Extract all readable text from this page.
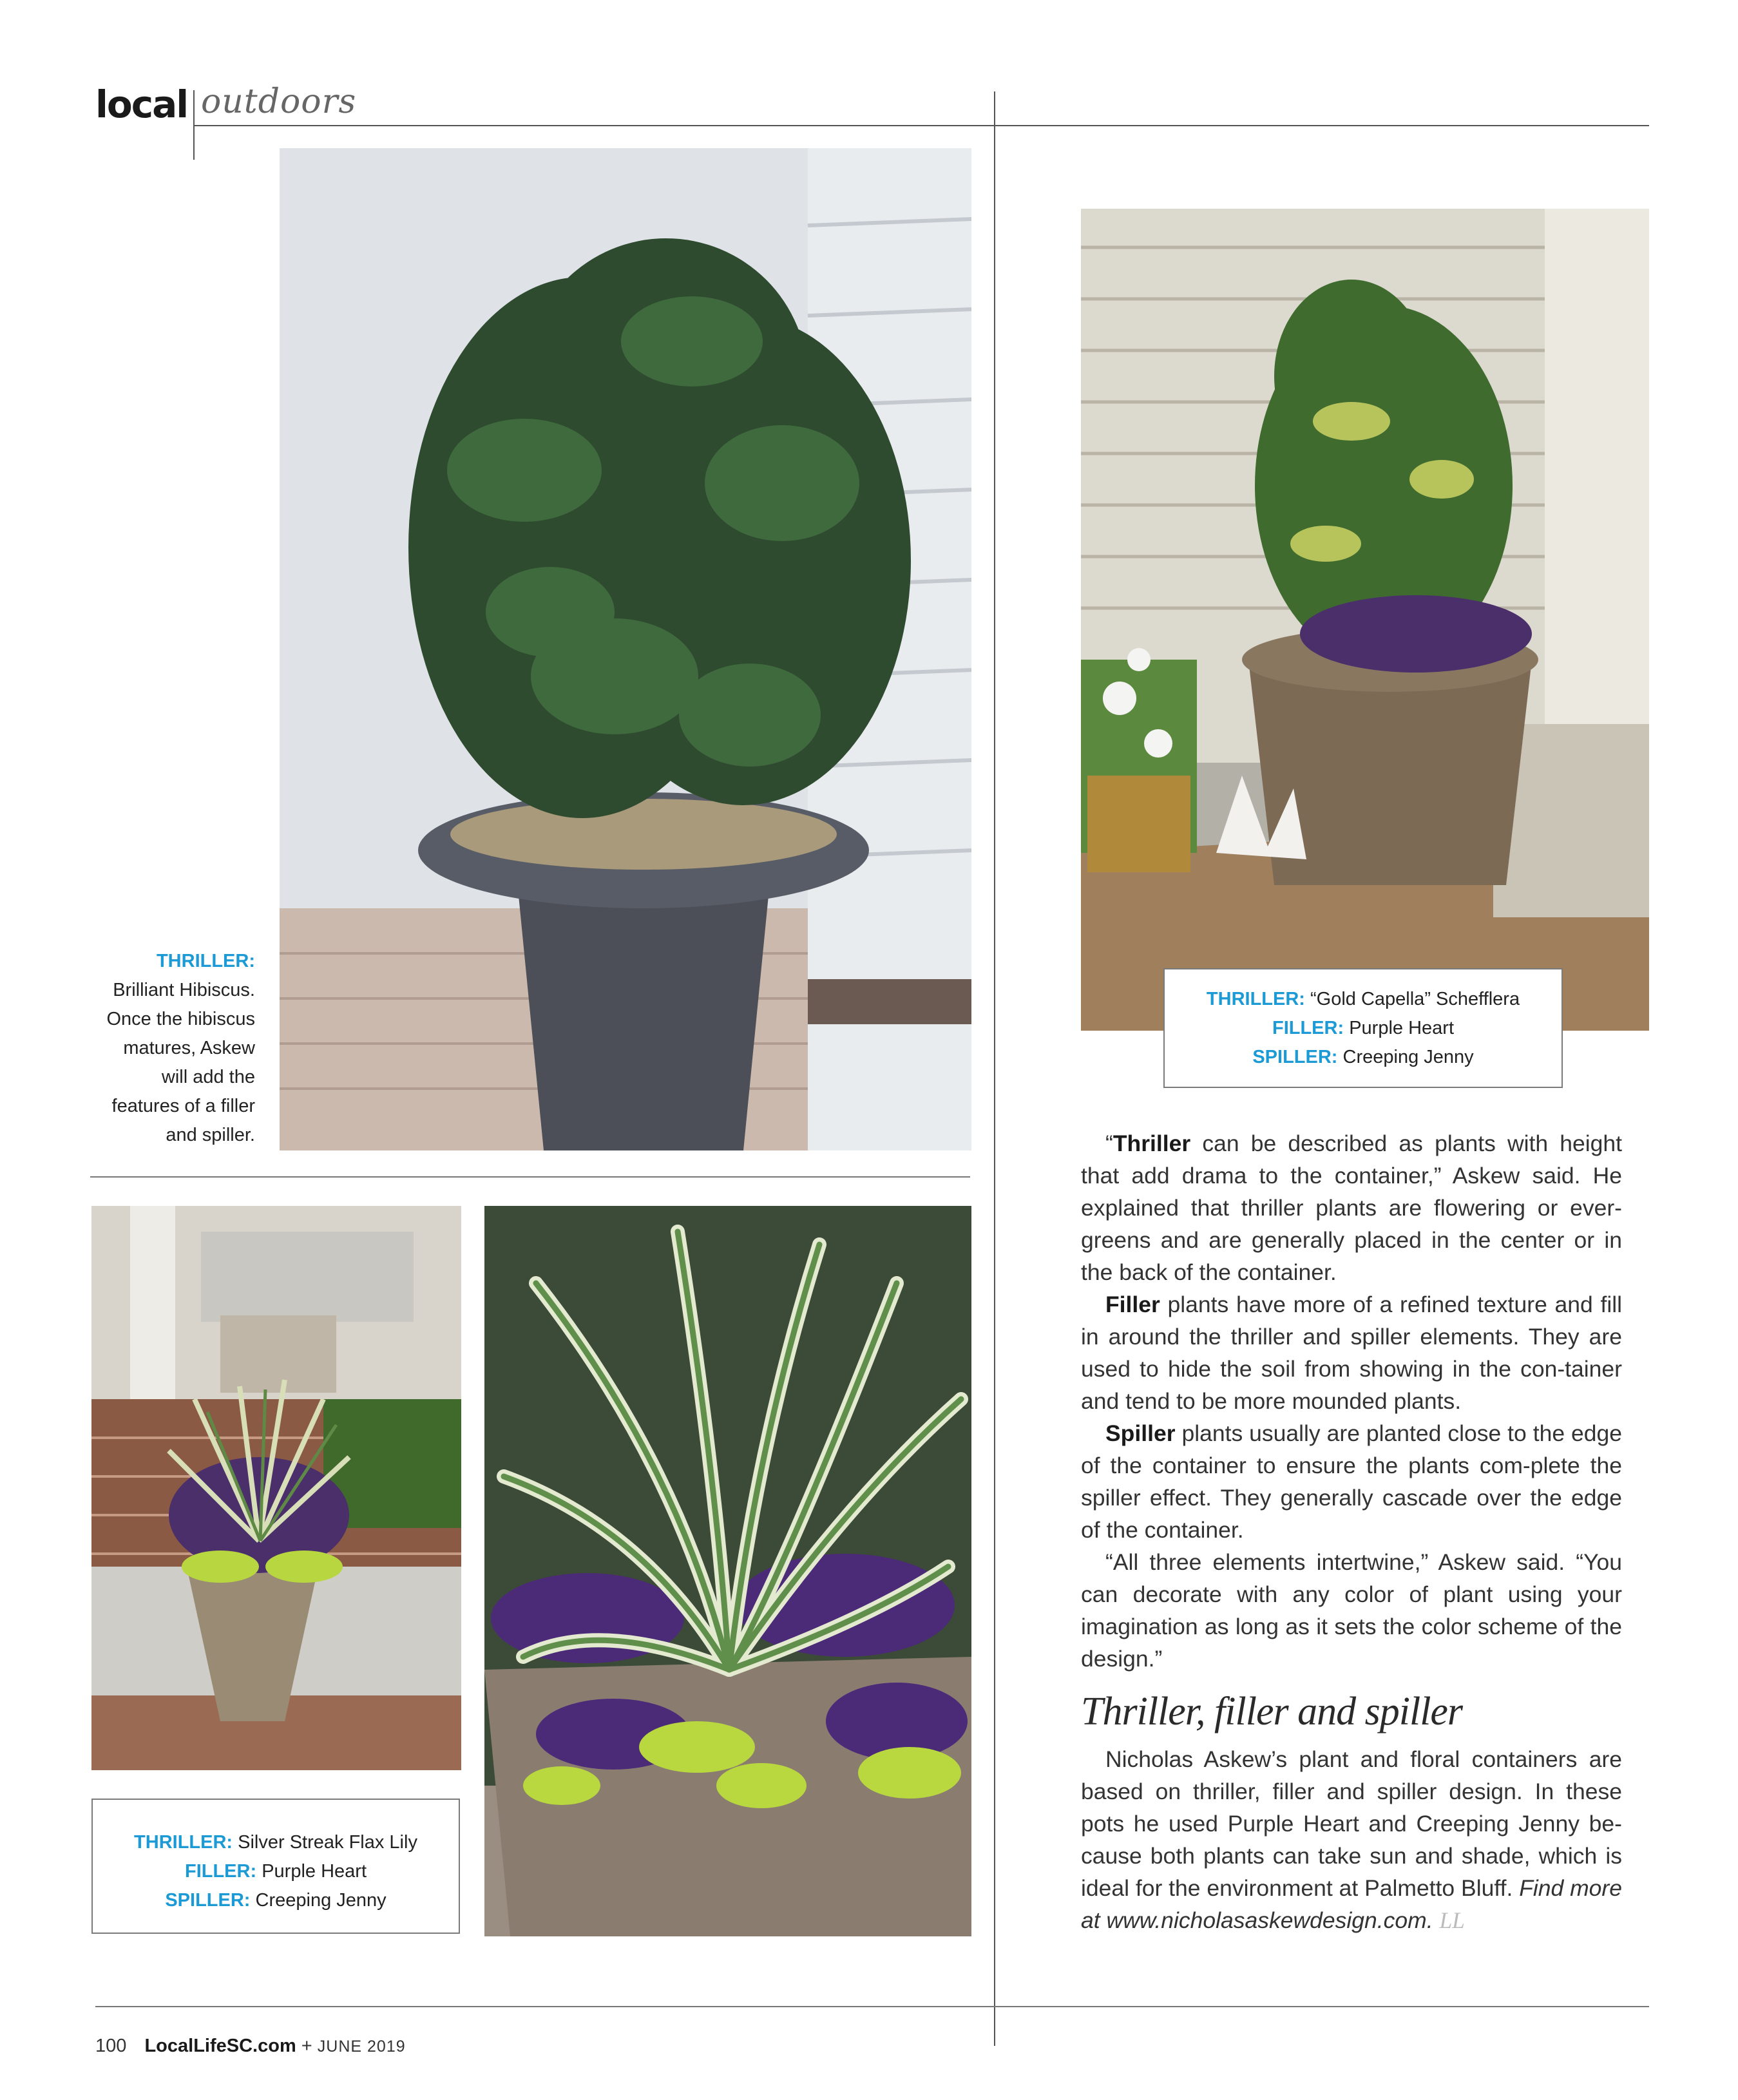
local outdoors
THRILLER:
Brilliant Hibiscus.
Once the hibiscus
matures, Askew
will add the
features of a filler
and spiller.
THRILLER: “Gold Capella” Schefflera
FILLER: Purple Heart
SPILLER: Creeping Jenny
THRILLER: Silver Streak Flax Lily
FILLER: Purple Heart
SPILLER: Creeping Jenny

“Thriller can be described as plants with height that add drama to the container,” Askew said. He explained that thriller plants are flowering or ever-greens and are generally placed in the center or in the back of the container.

Filler plants have more of a refined texture and fill in around the thriller and spiller elements. They are used to hide the soil from showing in the con-tainer and tend to be more mounded plants.

Spiller plants usually are planted close to the edge of the container to ensure the plants com-plete the spiller effect. They generally cascade over the edge of the container.

“All three elements intertwine,” Askew said. “You can decorate with any color of plant using your imagination as long as it sets the color scheme of the design.”

Thriller, filler and spiller

Nicholas Askew’s plant and floral containers are based on thriller, filler and spiller design. In these pots he used Purple Heart and Creeping Jenny be-cause both plants can take sun and shade, which is ideal for the environment at Palmetto Bluff. Find more at www.nicholasaskewdesign.com. LL

100 LocalLifeSC.com + JUNE 2019
